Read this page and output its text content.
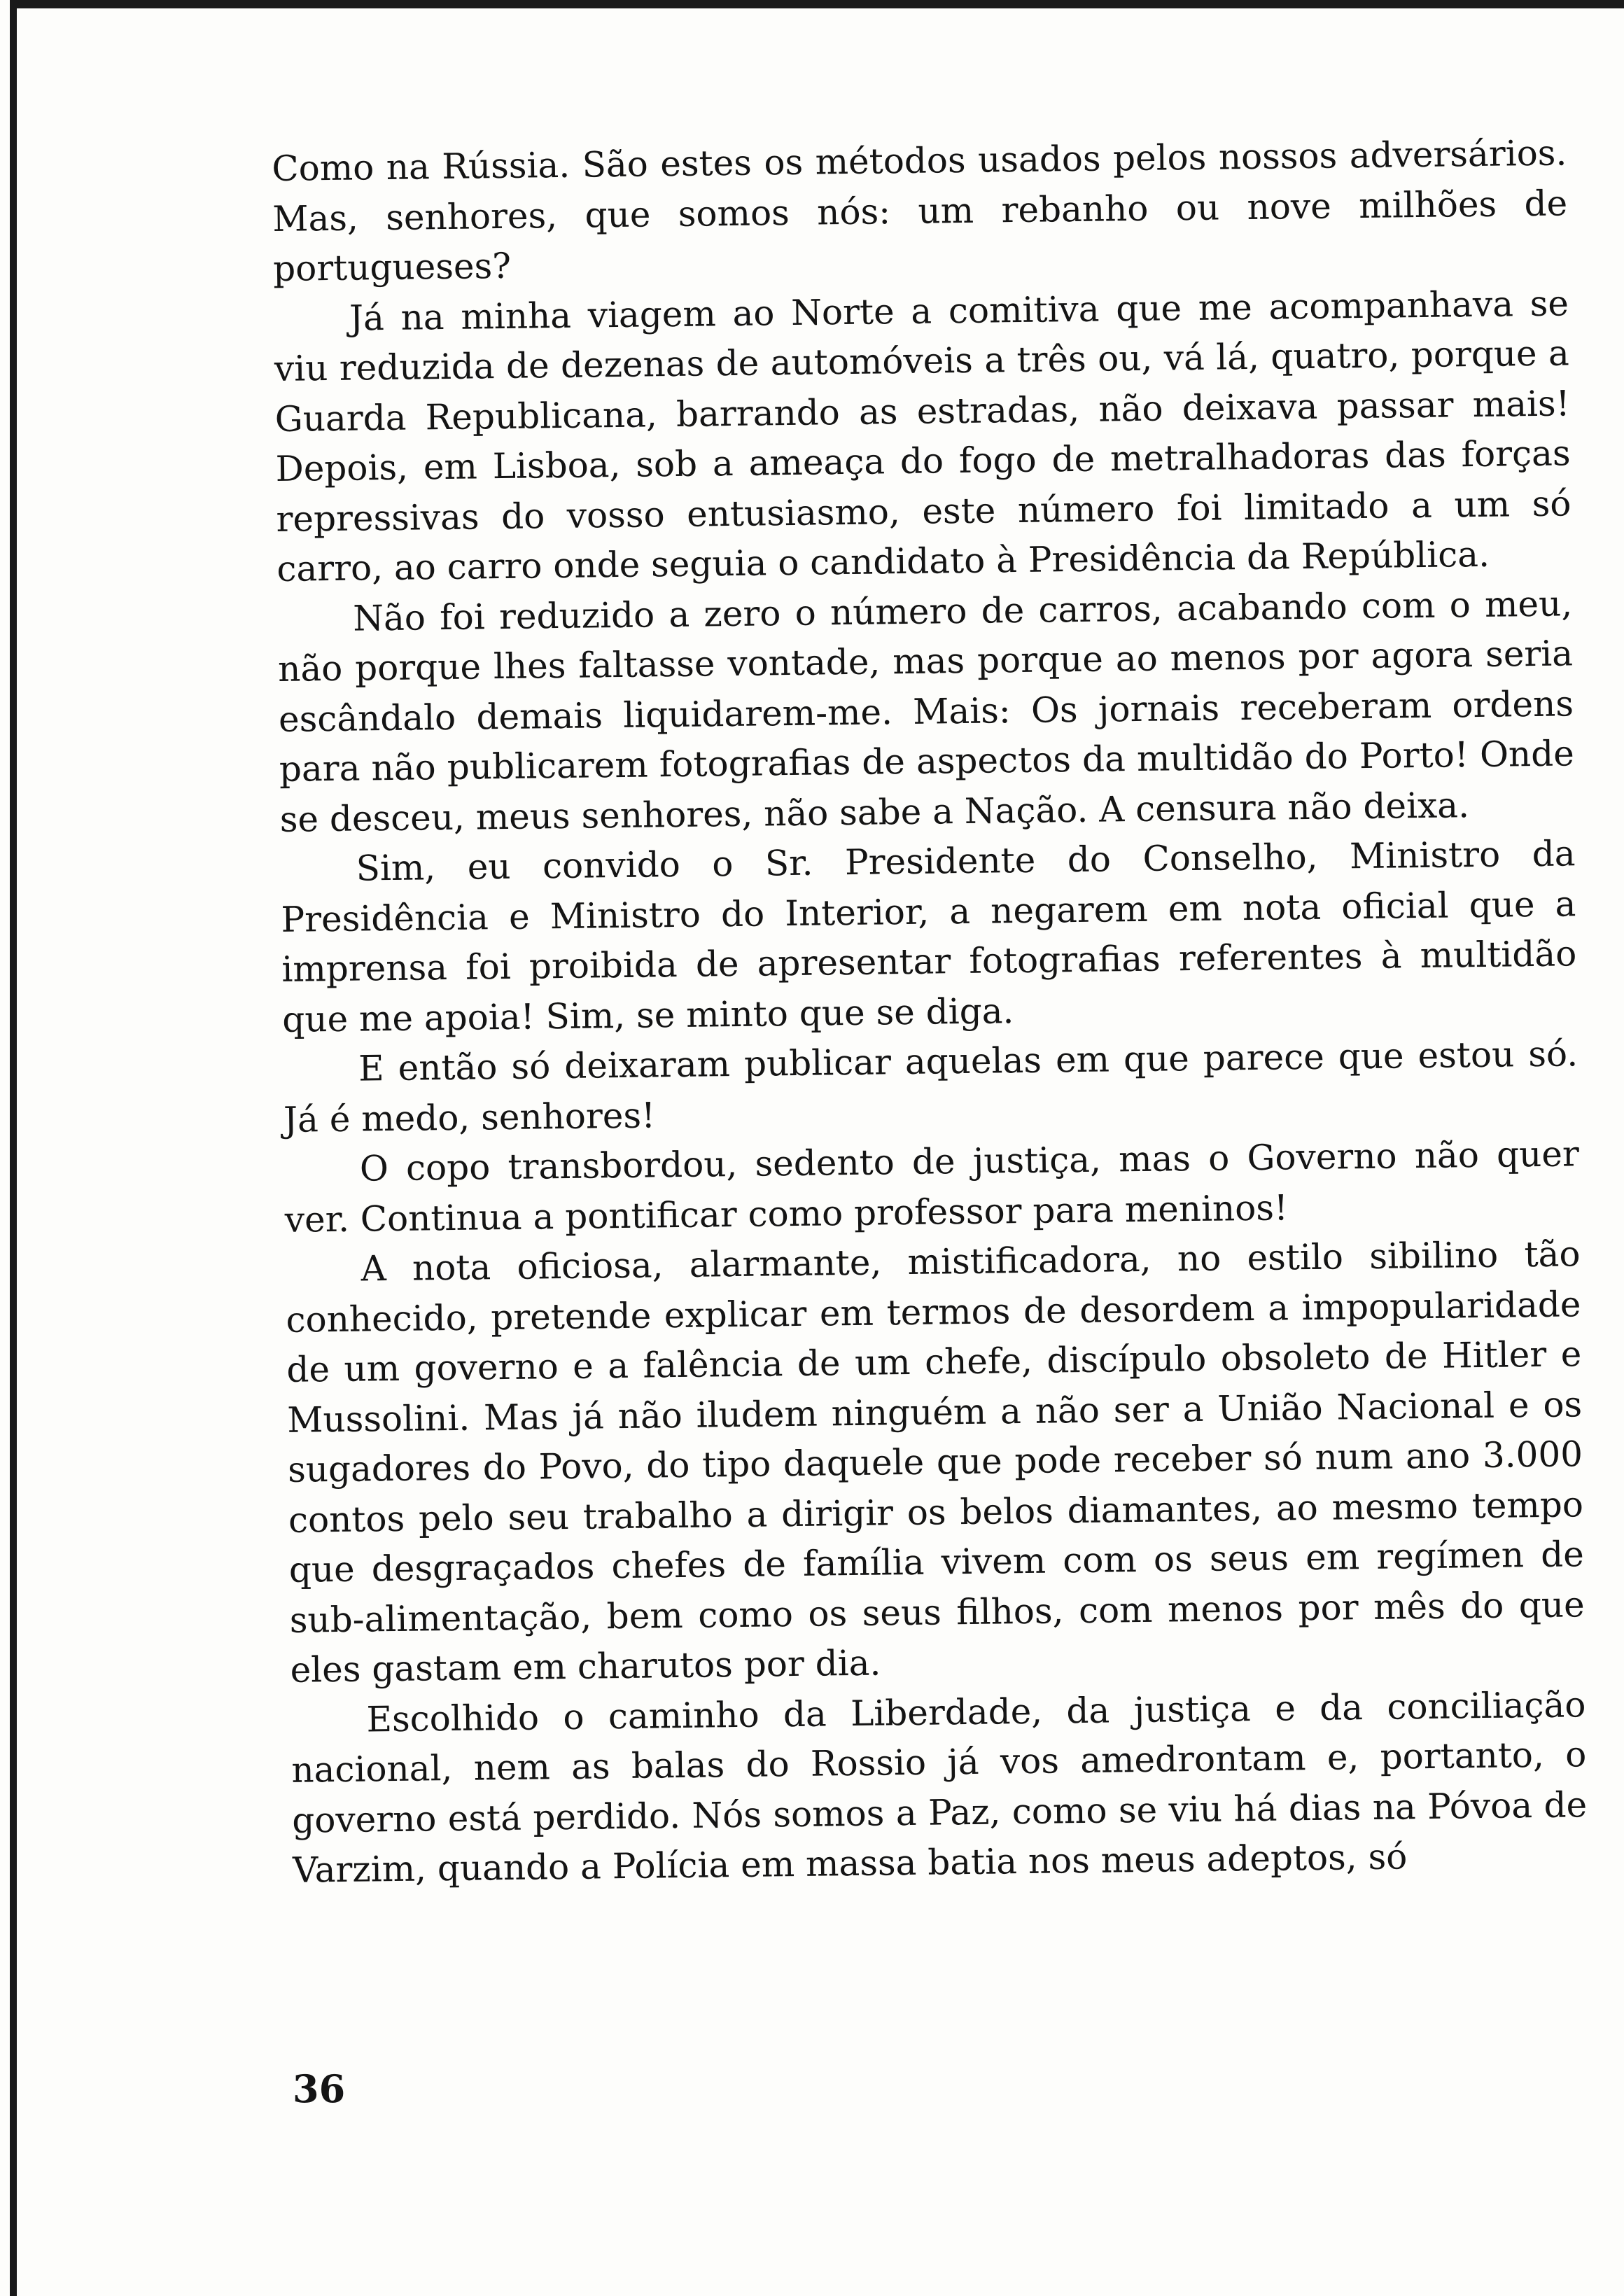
Como na Rússia. São estes os métodos usados pelos nossos adversários. Mas, senhores, que somos nós: um rebanho ou nove milhões de portugueses?

Já na minha viagem ao Norte a comitiva que me acompanhava se viu reduzida de dezenas de automóveis a três ou, vá lá, quatro, porque a Guarda Republicana, barrando as estradas, não deixava passar mais! Depois, em Lisboa, sob a ameaça do fogo de metralhadoras das forças repressivas do vosso entusiasmo, este número foi limitado a um só carro, ao carro onde seguia o candidato à Presidência da República.

Não foi reduzido a zero o número de carros, acabando com o meu, não porque lhes faltasse vontade, mas porque ao menos por agora seria escândalo demais liquidarem-me. Mais: Os jornais receberam ordens para não publicarem fotografias de aspectos da multidão do Porto! Onde se desceu, meus senhores, não sabe a Nação. A censura não deixa.

Sim, eu convido o Sr. Presidente do Conselho, Ministro da Presidência e Ministro do Interior, a negarem em nota oficial que a imprensa foi proibida de apresentar fotografias referentes à multidão que me apoia! Sim, se minto que se diga.

E então só deixaram publicar aquelas em que parece que estou só. Já é medo, senhores!

O copo transbordou, sedento de justiça, mas o Governo não quer ver. Continua a pontificar como professor para meninos!

A nota oficiosa, alarmante, mistificadora, no estilo sibilino tão conhecido, pretende explicar em termos de desordem a impopularidade de um governo e a falência de um chefe, discípulo obsoleto de Hitler e Mussolini. Mas já não iludem ninguém a não ser a União Nacional e os sugadores do Povo, do tipo daquele que pode receber só num ano 3.000 contos pelo seu trabalho a dirigir os belos diamantes, ao mesmo tempo que desgraçados chefes de família vivem com os seus em regímen de sub-alimentação, bem como os seus filhos, com menos por mês do que eles gastam em charutos por dia.

Escolhido o caminho da Liberdade, da justiça e da conciliação nacional, nem as balas do Rossio já vos amedrontam e, portanto, o governo está perdido. Nós somos a Paz, como se viu há dias na Póvoa de Varzim, quando a Polícia em massa batia nos meus adeptos, só

36
